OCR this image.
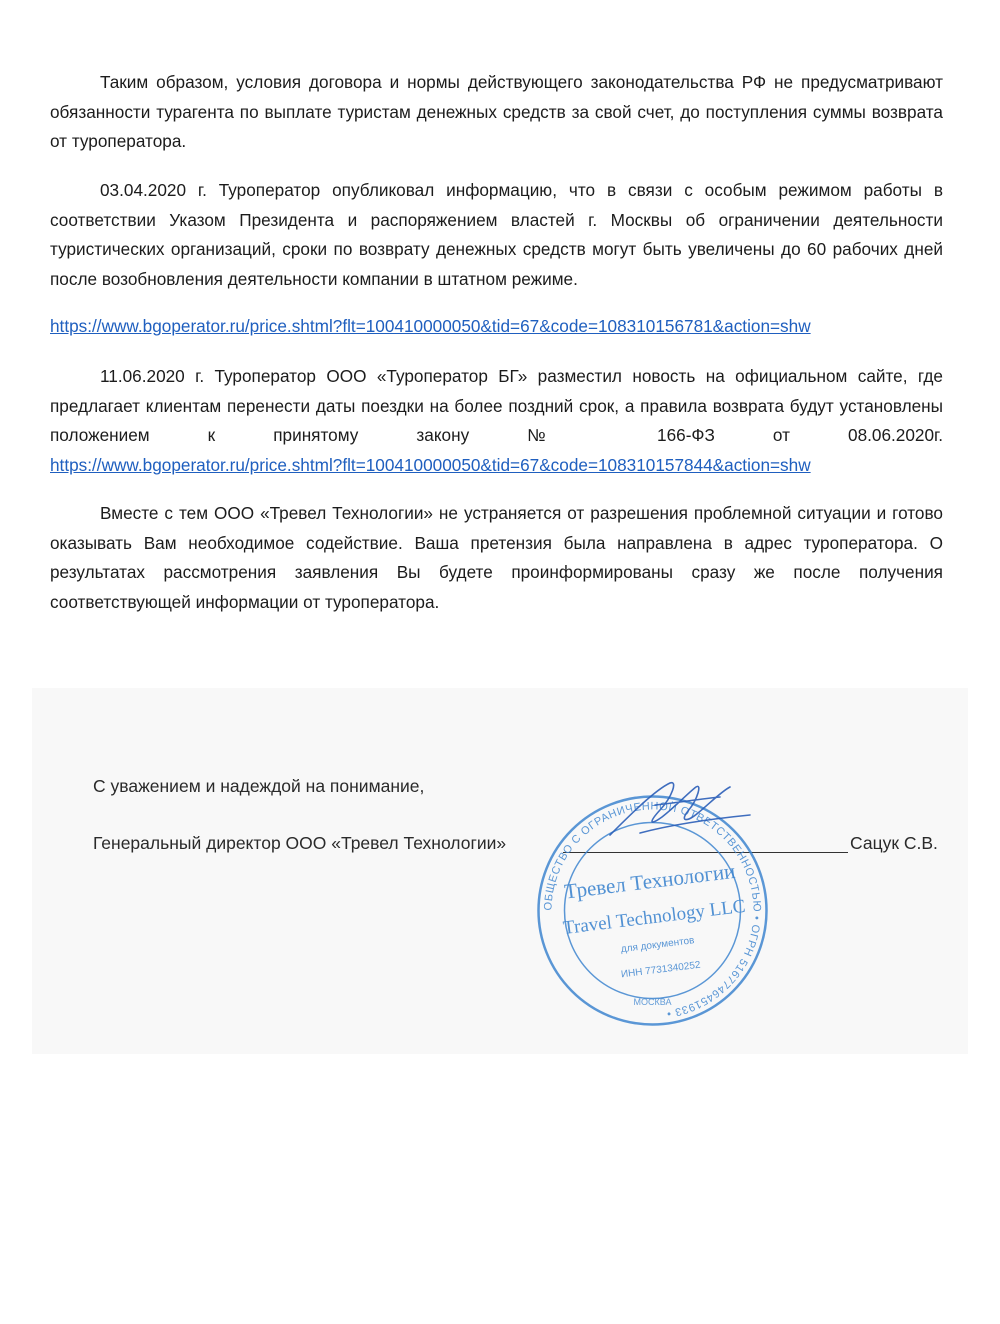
Таким образом, условия договора и нормы действующего законодательства РФ не предусматривают обязанности турагента по выплате туристам денежных средств за свой счет, до поступления суммы возврата от туроператора.

03.04.2020 г. Туроператор опубликовал информацию, что в связи с особым режимом работы в соответствии Указом Президента и распоряжением властей г. Москвы об ограничении деятельности туристических организаций, сроки по возврату денежных средств могут быть увеличены до 60 рабочих дней после возобновления деятельности компании в штатном режиме.

https://www.bgoperator.ru/price.shtml?flt=100410000050&tid=67&code=108310156781&action=shw

11.06.2020 г. Туроператор ООО «Туроператор БГ» разместил новость на официальном сайте, где предлагает клиентам перенести даты поездки на более поздний срок, а правила возврата будут установлены положением к принятому закону № 166-ФЗ от 08.06.2020г. https://www.bgoperator.ru/price.shtml?flt=100410000050&tid=67&code=108310157844&action=shw

Вместе с тем ООО «Тревел Технологии» не устраняется от разрешения проблемной ситуации и готово оказывать Вам необходимое содействие. Ваша претензия была направлена в адрес туроператора. О результатах рассмотрения заявления Вы будете проинформированы сразу же после получения соответствующей информации от туроператора.

С уважением и надеждой на понимание,
Генеральный директор ООО «Тревел Технологии»	Сацук С.В.
ОБЩЕСТВО С ОГРАНИЧЕННОЙ ОТВЕТСТВЕННОСТЬЮ • ОГРН 5167746451933 •
Тревел Технологии
Travel Technology LLC
для документов
ИНН 7731340252
МОСКВА
